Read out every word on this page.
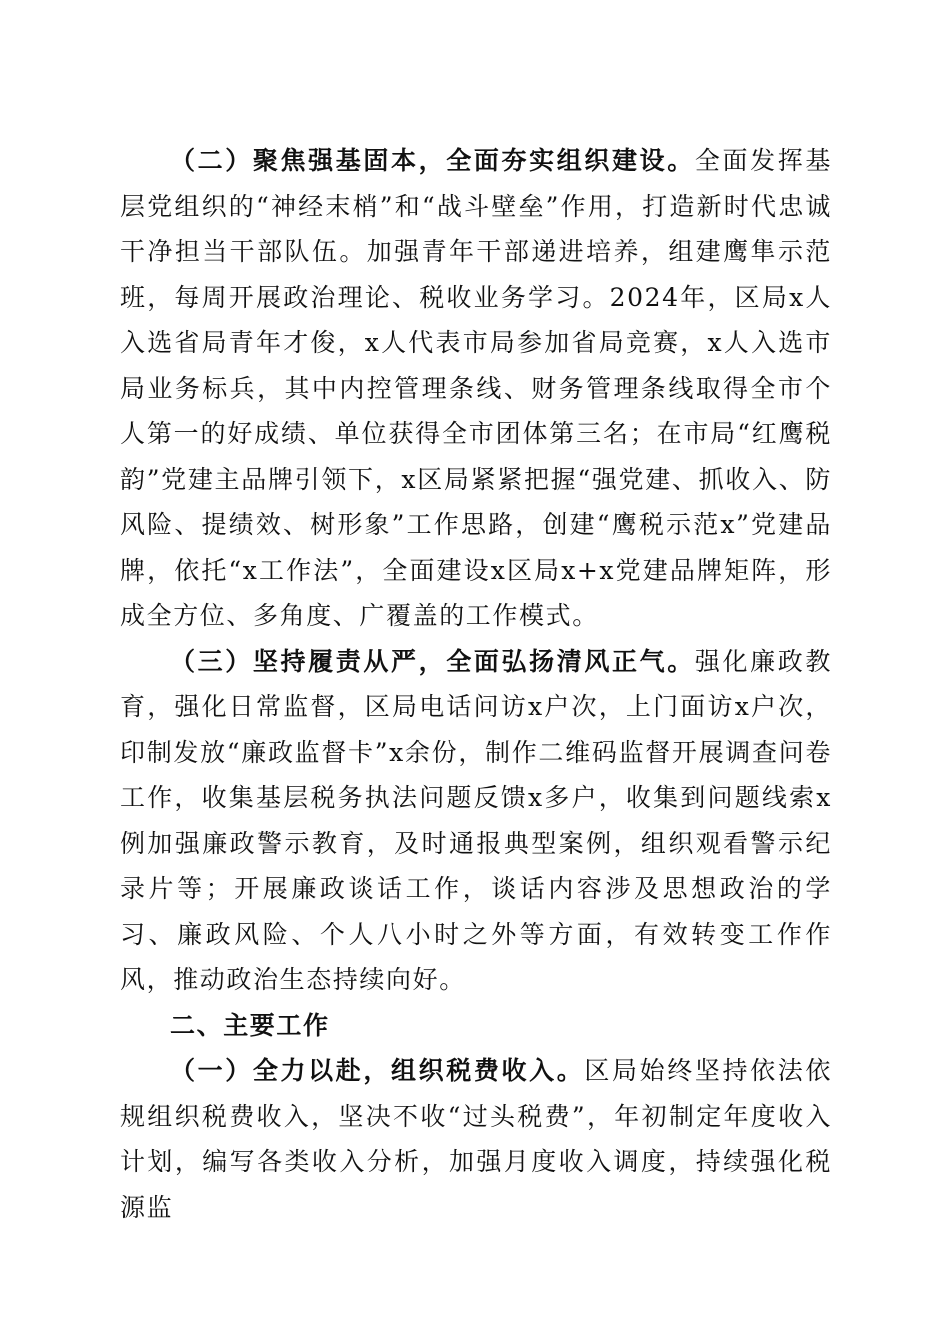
（二）聚焦强基固本，全面夯实组织建设。全面发挥基层党组织的“神经末梢”和“战斗壁垒”作用，打造新时代忠诚干净担当干部队伍。加强青年干部递进培养，组建鹰隼示范班，每周开展政治理论、税收业务学习。2024年，区局x人入选省局青年才俊，x人代表市局参加省局竞赛，x人入选市局业务标兵，其中内控管理条线、财务管理条线取得全市个人第一的好成绩、单位获得全市团体第三名；在市局“红鹰税韵”党建主品牌引领下，x区局紧紧把握“强党建、抓收入、防风险、提绩效、树形象”工作思路，创建“鹰税示范x”党建品牌，依托“x工作法”，全面建设x区局x+x党建品牌矩阵，形成全方位、多角度、广覆盖的工作模式。

（三）坚持履责从严，全面弘扬清风正气。强化廉政教育，强化日常监督，区局电话问访x户次，上门面访x户次，印制发放“廉政监督卡”x余份，制作二维码监督开展调查问卷工作，收集基层税务执法问题反馈x多户，收集到问题线索x例加强廉政警示教育，及时通报典型案例，组织观看警示纪录片等；开展廉政谈话工作，谈话内容涉及思想政治的学习、廉政风险、个人八小时之外等方面，有效转变工作作风，推动政治生态持续向好。

二、主要工作

（一）全力以赴，组织税费收入。区局始终坚持依法依规组织税费收入，坚决不收“过头税费”，年初制定年度收入计划，编写各类收入分析，加强月度收入调度，持续强化税源监
